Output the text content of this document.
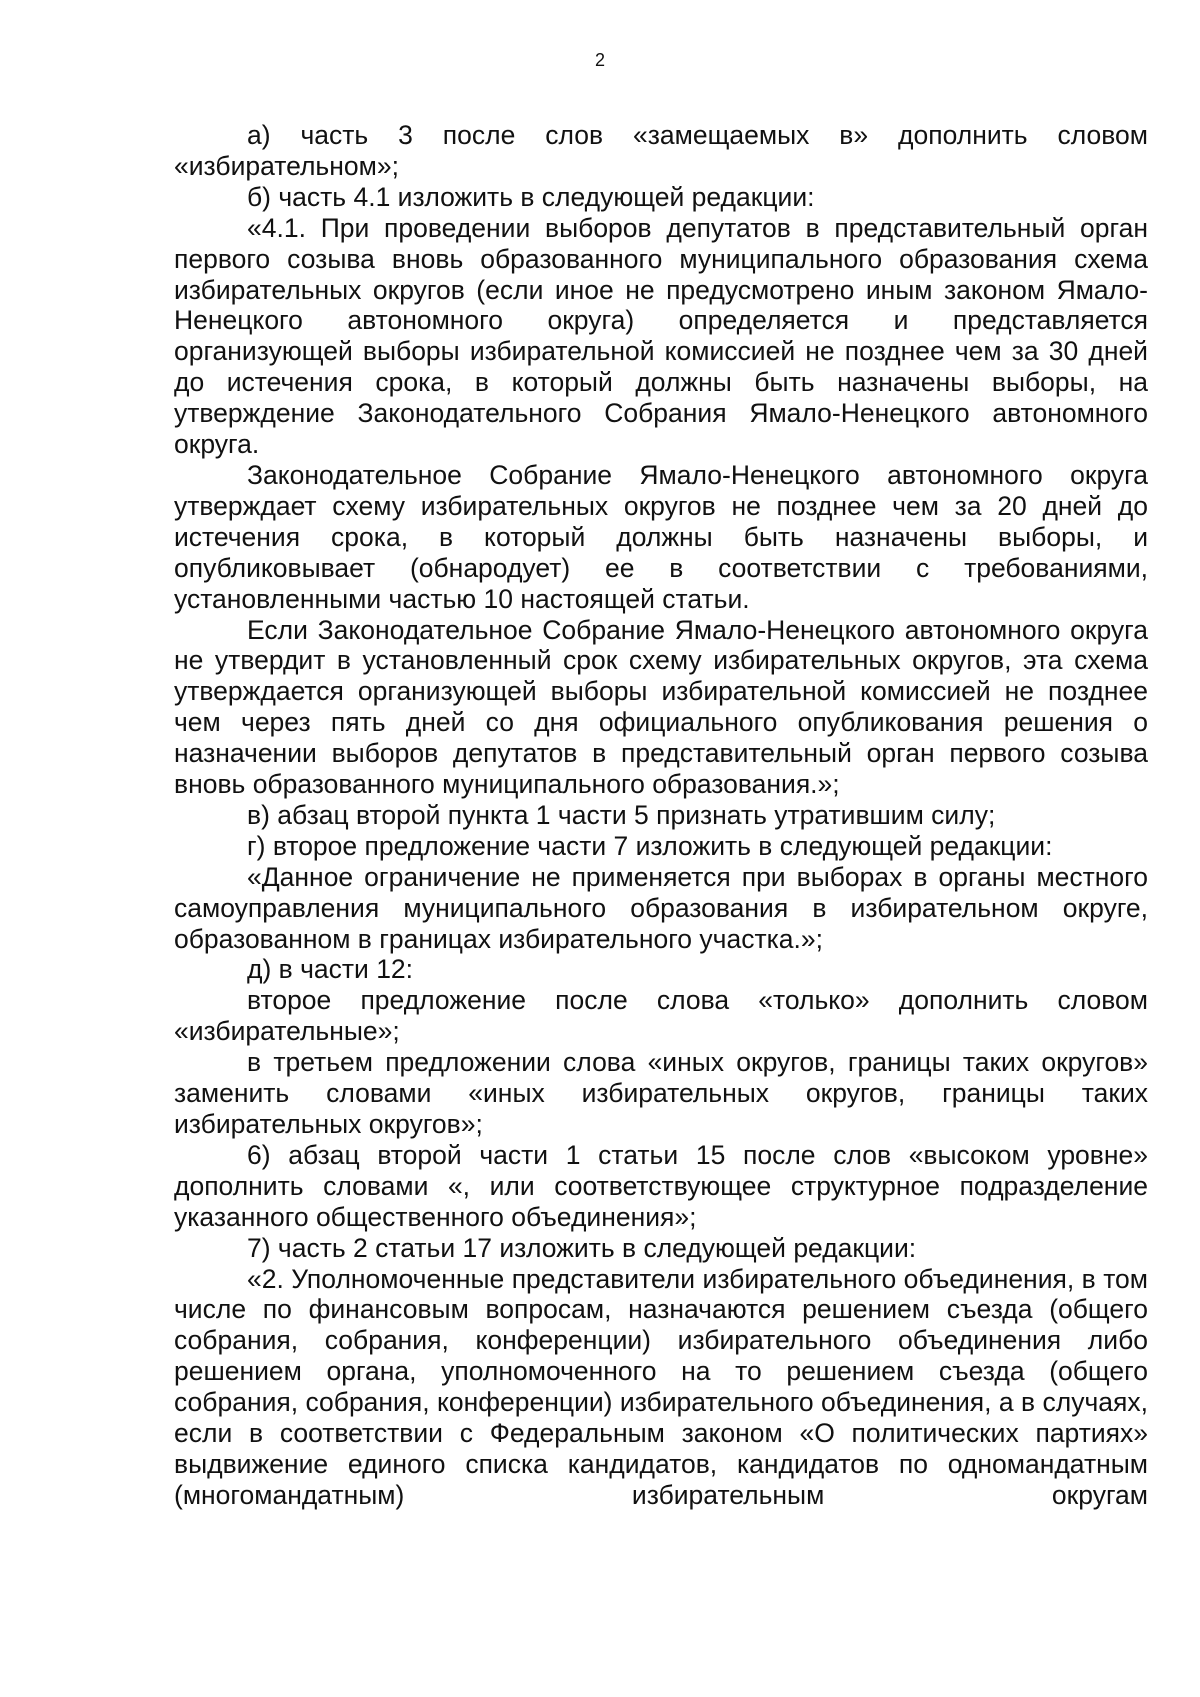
2

а) часть 3 после слов «замещаемых в» дополнить словом «избирательном»;

б) часть 4.1 изложить в следующей редакции:

«4.1. При проведении выборов депутатов в представительный орган первого созыва вновь образованного муниципального образования схема избирательных округов (если иное не предусмотрено иным законом Ямало-Ненецкого автономного округа) определяется и представляется организующей выборы избирательной комиссией не позднее чем за 30 дней до истечения срока, в который должны быть назначены выборы, на утверждение Законодательного Собрания Ямало-Ненецкого автономного округа.

Законодательное Собрание Ямало-Ненецкого автономного округа утверждает схему избирательных округов не позднее чем за 20 дней до истечения срока, в который должны быть назначены выборы, и опубликовывает (обнародует) ее в соответствии с требованиями, установленными частью 10 настоящей статьи.

Если Законодательное Собрание Ямало-Ненецкого автономного округа не утвердит в установленный срок схему избирательных округов, эта схема утверждается организующей выборы избирательной комиссией не позднее чем через пять дней со дня официального опубликования решения о назначении выборов депутатов в представительный орган первого созыва вновь образованного муниципального образования.»;

в) абзац второй пункта 1 части 5 признать утратившим силу;

г) второе предложение части 7 изложить в следующей редакции:

«Данное ограничение не применяется при выборах в органы местного самоуправления муниципального образования в избирательном округе, образованном в границах избирательного участка.»;

д) в части 12:

второе предложение после слова «только» дополнить словом «избирательные»;

в третьем предложении слова «иных округов, границы таких округов» заменить словами «иных избирательных округов, границы таких избирательных округов»;

6) абзац второй части 1 статьи 15 после слов «высоком уровне» дополнить словами «, или соответствующее структурное подразделение указанного общественного объединения»;

7) часть 2 статьи 17 изложить в следующей редакции:

«2. Уполномоченные представители избирательного объединения, в том числе по финансовым вопросам, назначаются решением съезда (общего собрания, собрания, конференции) избирательного объединения либо решением органа, уполномоченного на то решением съезда (общего собрания, собрания, конференции) избирательного объединения, а в случаях, если в соответствии с Федеральным законом «О политических партиях» выдвижение единого списка кандидатов, кандидатов по одномандатным (многомандатным) избирательным округам
